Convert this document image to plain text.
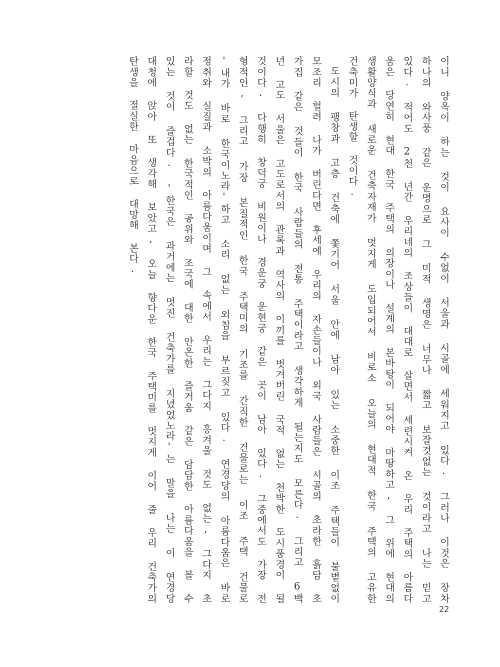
이니 양옥이 하는 것이 요사이 수없이 서울과 시골에 세워지고 있다. 그러나 이것은 장차 하나의 와사풍 같은 운명으로 그 미적 생명은 너무나 짧고 보잘것없는 것이라고 나는 믿고 있다. 적어도 2천 년간 우리네의 조상들이 대대로 살면서 세련시켜 온 우리 주택의 아름다움은 당연히 현대 한국 주택의 의장이나 설계의 본바탕이 되어야 마땅하고, 그 위에 현대의 생활양식과 새로운 건축자재가 멋지게 도입되어서 비로소 오늘의 현대적 한국 주택의 고유한 건축미가 탄생할 것이다.

도시의 팽창과 고층 건축에 쫓기어 서울 안에 남아 있는 소중한 이조 주택들이 불볕없이 모조리 헐려 나가 버린다면 후세에 우리의 자손들이나 외국 사람들은 시골의 초라한 흙담 초가집 같은 것들이 한국 사람들의 전통 주택이라고 생각하게 될는지도 모른다. 그리고 6백 년 고도 서울은 고도로서의 관록과 역사의 이끼를 벗겨버린 국적 없는 천박한 도시풍경이 될 것이다. 다행히 창덕궁 비원이나 경운궁 운현궁 같은 곳이 남아 있다. 그중에서도 가장 전형적인, 그리고 가장 본질적인 한국 주택미의 기조를 간직한 건물로는 이조 주택 건물로 '내가 바로 한국이노라'하고 소리 없는 외침을 부르짖고 있다. 연경당의 아름다움은 바로 정취와 실질과 소박의 아름다움이며 그 속에서 우리는 그다지 흥겨울 것도 없는, 그다지 초라할 것도 없는 한국적인 공위와 조국에 대한 안온한 즐거움 같은 담담한 아름다움을 볼 수 있는 것이 즐겁다. '한국은 과거에는 멋진 건축가를 지녔었노라'는 말을 나는 이 연경당 대청에 앉아 또 생각해 보았고, 오늘 향다운 한국 주택미를 멋지게 이어 줄 우리 건축가의 탄생을 절실한 마음으로 대망해 본다.

22
